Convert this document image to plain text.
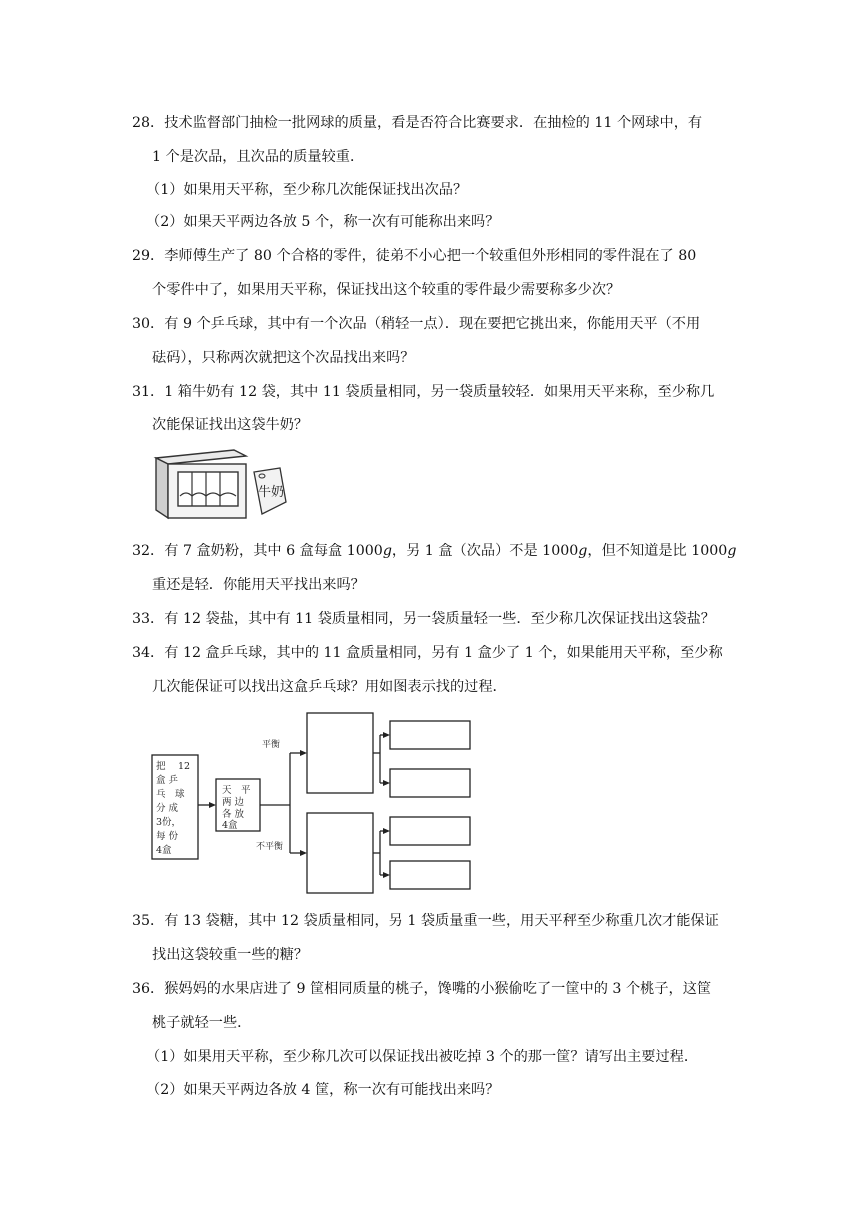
28．技术监督部门抽检一批网球的质量，看是否符合比赛要求．在抽检的 11 个网球中，有
1 个是次品，且次品的质量较重．
（1）如果用天平称，至少称几次能保证找出次品？
（2）如果天平两边各放 5 个，称一次有可能称出来吗？
29．李师傅生产了 80 个合格的零件，徒弟不小心把一个较重但外形相同的零件混在了 80
个零件中了，如果用天平称，保证找出这个较重的零件最少需要称多少次？
30．有 9 个乒乓球，其中有一个次品（稍轻一点）．现在要把它挑出来，你能用天平（不用
砝码），只称两次就把这个次品找出来吗？
31．1 箱牛奶有 12 袋，其中 11 袋质量相同，另一袋质量较轻．如果用天平来称，至少称几
次能保证找出这袋牛奶？
牛奶
32．有 7 盒奶粉，其中 6 盒每盒 1000g，另 1 盒（次品）不是 1000g，但不知道是比 1000g
重还是轻．你能用天平找出来吗？
33．有 12 袋盐，其中有 11 袋质量相同，另一袋质量轻一些．至少称几次保证找出这袋盐？
34．有 12 盒乒乓球，其中的 11 盒质量相同，另有 1 盒少了 1 个，如果能用天平称，至少称
几次能保证可以找出这盒乒乓球？用如图表示找的过程．
平衡
不平衡
把 12
盒 乒
乓　球
分 成
3份，
每 份
4盒
天　平
两 边
各 放
4盒
35．有 13 袋糖，其中 12 袋质量相同，另 1 袋质量重一些，用天平秤至少称重几次才能保证
找出这袋较重一些的糖？
36．猴妈妈的水果店进了 9 筐相同质量的桃子，馋嘴的小猴偷吃了一筐中的 3 个桃子，这筐
桃子就轻一些．
（1）如果用天平称，至少称几次可以保证找出被吃掉 3 个的那一筐？请写出主要过程．
（2）如果天平两边各放 4 筐，称一次有可能找出来吗？
